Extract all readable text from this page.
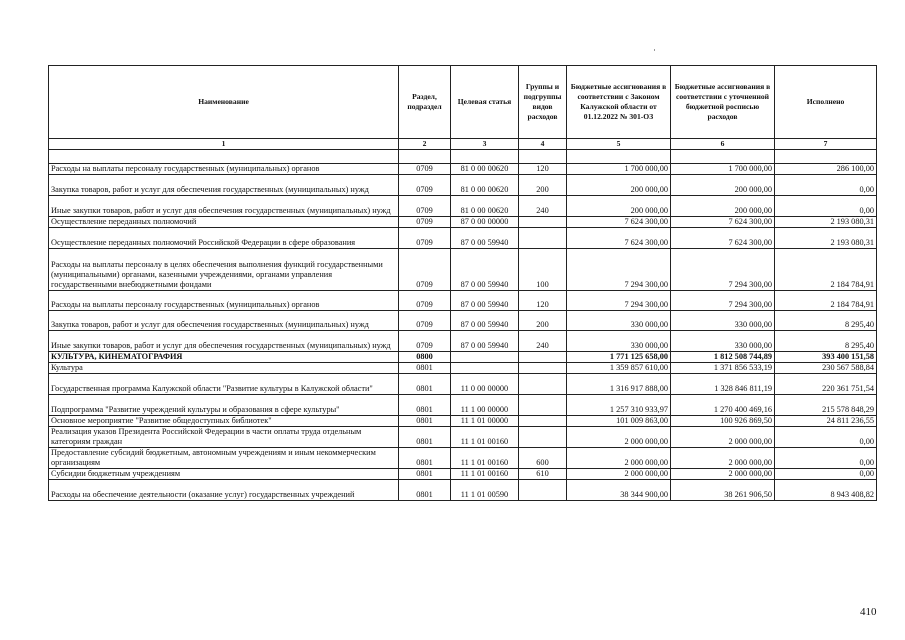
Наименование	Раздел, подраздел	Целевая статья	Группы и подгруппы видов расходов	Бюджетные ассигнования в соответствии с Законом Калужской области от 01.12.2022 № 301-ОЗ	Бюджетные ассигнования в соответствии с уточненной бюджетной росписью расходов	Исполнено
1	2	3	4	5	6	7

Расходы на выплаты персоналу государственных (муниципальных) органов	0709	81 0 00 00620	120	1 700 000,00	1 700 000,00	286 100,00
Закупка товаров, работ и услуг для обеспечения государственных (муниципальных) нужд	0709	81 0 00 00620	200	200 000,00	200 000,00	0,00
Иные закупки товаров, работ и услуг для обеспечения государственных (муниципальных) нужд	0709	81 0 00 00620	240	200 000,00	200 000,00	0,00
Осуществление переданных полномочий	0709	87 0 00 00000		7 624 300,00	7 624 300,00	2 193 080,31
Осуществление переданных полномочий Российской Федерации в сфере образования	0709	87 0 00 59940		7 624 300,00	7 624 300,00	2 193 080,31
Расходы на выплаты персоналу в целях обеспечения выполнения функций государственными (муниципальными) органами, казенными учреждениями, органами управления государственными внебюджетными фондами	0709	87 0 00 59940	100	7 294 300,00	7 294 300,00	2 184 784,91
Расходы на выплаты персоналу государственных (муниципальных) органов	0709	87 0 00 59940	120	7 294 300,00	7 294 300,00	2 184 784,91
Закупка товаров, работ и услуг для обеспечения государственных (муниципальных) нужд	0709	87 0 00 59940	200	330 000,00	330 000,00	8 295,40
Иные закупки товаров, работ и услуг для обеспечения государственных (муниципальных) нужд	0709	87 0 00 59940	240	330 000,00	330 000,00	8 295,40
КУЛЬТУРА, КИНЕМАТОГРАФИЯ	0800			1 771 125 658,00	1 812 508 744,89	393 400 151,58
Культура	0801			1 359 857 610,00	1 371 856 533,19	230 567 588,84
Государственная программа Калужской области "Развитие культуры в Калужской области"	0801	11 0 00 00000		1 316 917 888,00	1 328 846 811,19	220 361 751,54
Подпрограмма "Развитие учреждений культуры и образования в сфере культуры"	0801	11 1 00 00000		1 257 310 933,97	1 270 400 469,16	215 578 848,29
Основное мероприятие "Развитие общедоступных библиотек"	0801	11 1 01 00000		101 009 863,00	100 926 869,50	24 811 236,55
Реализация указов Президента Российской Федерации в части оплаты труда отдельным категориям граждан	0801	11 1 01 00160		2 000 000,00	2 000 000,00	0,00
Предоставление субсидий бюджетным, автономным учреждениям и иным некоммерческим организациям	0801	11 1 01 00160	600	2 000 000,00	2 000 000,00	0,00
Субсидии бюджетным учреждениям	0801	11 1 01 00160	610	2 000 000,00	2 000 000,00	0,00
Расходы на обеспечение деятельности (оказание услуг) государственных учреждений	0801	11 1 01 00590		38 344 900,00	38 261 906,50	8 943 408,82
410
